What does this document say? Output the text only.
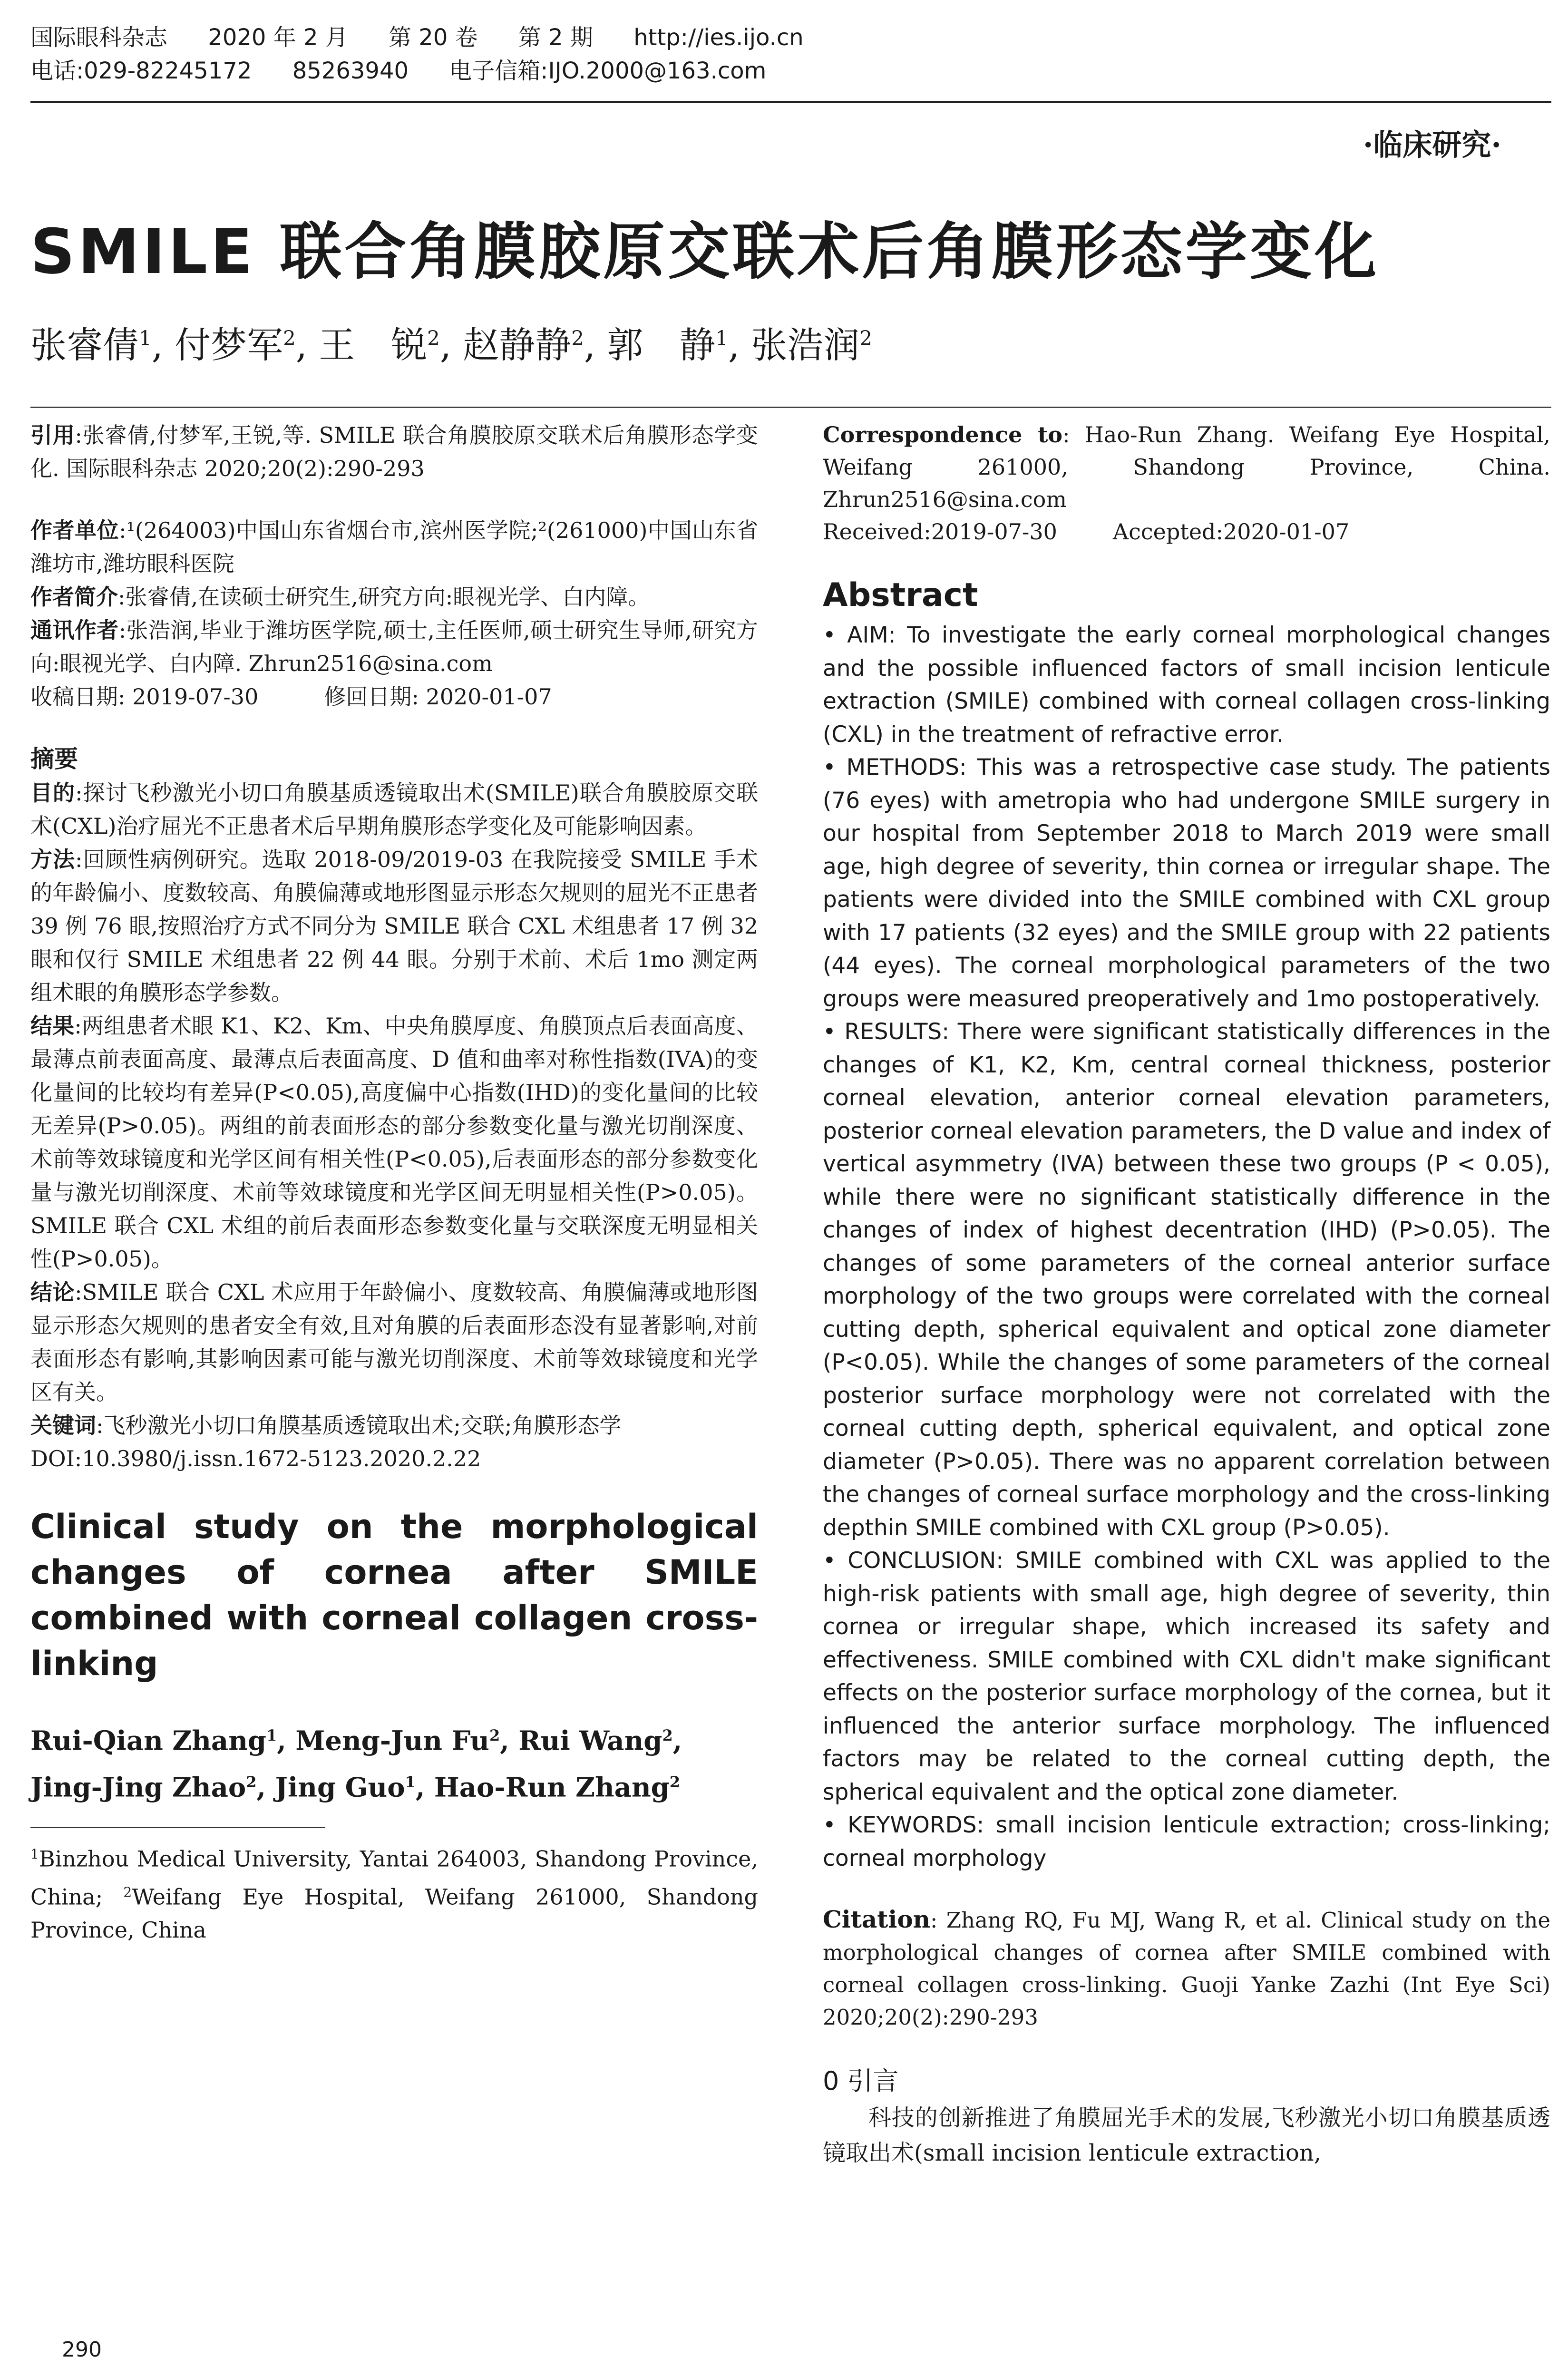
国际眼科杂志 2020 年 2 月 第 20 卷 第 2 期 http://ies.ijo.cn
电话:029-82245172 85263940 电子信箱:IJO.2000@163.com
·临床研究·
SMILE 联合角膜胶原交联术后角膜形态学变化
张睿倩$^1$, 付梦军$^2$, 王　锐$^2$, 赵静静$^2$, 郭　静$^1$, 张浩润$^2$

引用:张睿倩,付梦军,王锐,等. SMILE 联合角膜胶原交联术后角膜形态学变化. 国际眼科杂志 2020;20(2):290-293

作者单位:¹(264003)中国山东省烟台市,滨州医学院;²(261000)中国山东省潍坊市,潍坊眼科医院

作者简介:张睿倩,在读硕士研究生,研究方向:眼视光学、白内障。

通讯作者:张浩润,毕业于潍坊医学院,硕士,主任医师,硕士研究生导师,研究方向:眼视光学、白内障. Zhrun2516@sina.com

收稿日期: 2019-07-30　　　修回日期: 2020-01-07

摘要

目的:探讨飞秒激光小切口角膜基质透镜取出术(SMILE)联合角膜胶原交联术(CXL)治疗屈光不正患者术后早期角膜形态学变化及可能影响因素。

方法:回顾性病例研究。选取 2018-09/2019-03 在我院接受 SMILE 手术的年龄偏小、度数较高、角膜偏薄或地形图显示形态欠规则的屈光不正患者 39 例 76 眼,按照治疗方式不同分为 SMILE 联合 CXL 术组患者 17 例 32 眼和仅行 SMILE 术组患者 22 例 44 眼。分别于术前、术后 1mo 测定两组术眼的角膜形态学参数。

结果:两组患者术眼 K1、K2、Km、中央角膜厚度、角膜顶点后表面高度、最薄点前表面高度、最薄点后表面高度、D 值和曲率对称性指数(IVA)的变化量间的比较均有差异(P<0.05),高度偏中心指数(IHD)的变化量间的比较无差异(P>0.05)。两组的前表面形态的部分参数变化量与激光切削深度、术前等效球镜度和光学区间有相关性(P<0.05),后表面形态的部分参数变化量与激光切削深度、术前等效球镜度和光学区间无明显相关性(P>0.05)。SMILE 联合 CXL 术组的前后表面形态参数变化量与交联深度无明显相关性(P>0.05)。

结论:SMILE 联合 CXL 术应用于年龄偏小、度数较高、角膜偏薄或地形图显示形态欠规则的患者安全有效,且对角膜的后表面形态没有显著影响,对前表面形态有影响,其影响因素可能与激光切削深度、术前等效球镜度和光学区有关。

关键词:飞秒激光小切口角膜基质透镜取出术;交联;角膜形态学

DOI:10.3980/j.issn.1672-5123.2020.2.22

Clinical study on the morphological changes of cornea after SMILE combined with corneal collagen cross-linking

Rui-Qian Zhang$^1$, Meng-Jun Fu$^2$, Rui Wang$^2$,
Jing-Jing Zhao$^2$, Jing Guo$^1$, Hao-Run Zhang$^2$

$^1$Binzhou Medical University, Yantai 264003, Shandong Province, China; $^2$Weifang Eye Hospital, Weifang 261000, Shandong Province, China

Correspondence to: Hao-Run Zhang. Weifang Eye Hospital, Weifang 261000, Shandong Province, China. Zhrun2516@sina.com

Received:2019-07-30	Accepted:2020-01-07

Abstract

• AIM: To investigate the early corneal morphological changes and the possible influenced factors of small incision lenticule extraction (SMILE) combined with corneal collagen cross-linking (CXL) in the treatment of refractive error.

• METHODS: This was a retrospective case study. The patients (76 eyes) with ametropia who had undergone SMILE surgery in our hospital from September 2018 to March 2019 were small age, high degree of severity, thin cornea or irregular shape. The patients were divided into the SMILE combined with CXL group with 17 patients (32 eyes) and the SMILE group with 22 patients (44 eyes). The corneal morphological parameters of the two groups were measured preoperatively and 1mo postoperatively.

• RESULTS: There were significant statistically differences in the changes of K1, K2, Km, central corneal thickness, posterior corneal elevation, anterior corneal elevation parameters, posterior corneal elevation parameters, the D value and index of vertical asymmetry (IVA) between these two groups (P < 0.05), while there were no significant statistically difference in the changes of index of highest decentration (IHD) (P>0.05). The changes of some parameters of the corneal anterior surface morphology of the two groups were correlated with the corneal cutting depth, spherical equivalent and optical zone diameter (P<0.05). While the changes of some parameters of the corneal posterior surface morphology were not correlated with the corneal cutting depth, spherical equivalent, and optical zone diameter (P>0.05). There was no apparent correlation between the changes of corneal surface morphology and the cross-linking depthin SMILE combined with CXL group (P>0.05).

• CONCLUSION: SMILE combined with CXL was applied to the high-risk patients with small age, high degree of severity, thin cornea or irregular shape, which increased its safety and effectiveness. SMILE combined with CXL didn't make significant effects on the posterior surface morphology of the cornea, but it influenced the anterior surface morphology. The influenced factors may be related to the corneal cutting depth, the spherical equivalent and the optical zone diameter.

• KEYWORDS: small incision lenticule extraction; cross-linking; corneal morphology

Citation: Zhang RQ, Fu MJ, Wang R, et al. Clinical study on the morphological changes of cornea after SMILE combined with corneal collagen cross-linking. Guoji Yanke Zazhi (Int Eye Sci) 2020;20(2):290-293

0 引言

科技的创新推进了角膜屈光手术的发展,飞秒激光小切口角膜基质透镜取出术(small incision lenticule extraction,

290
